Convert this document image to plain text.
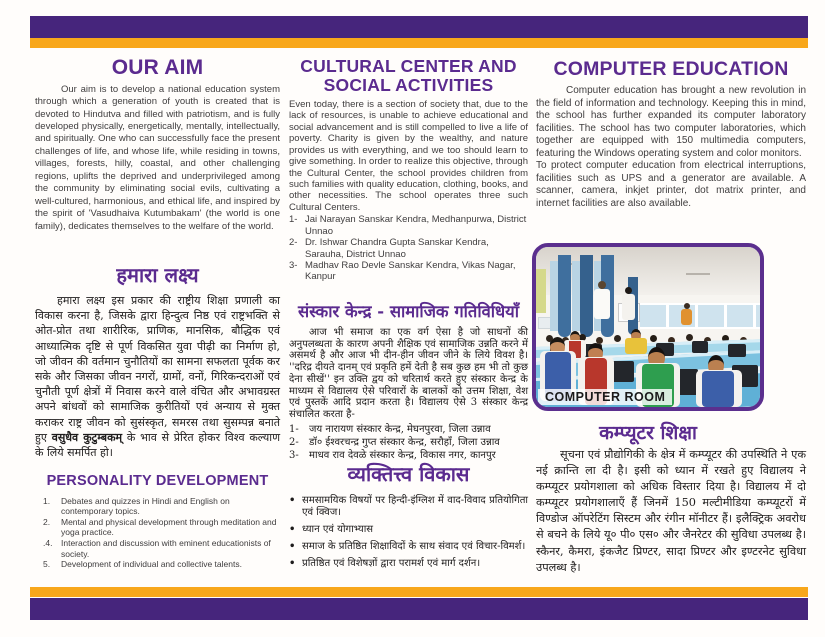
OUR AIM
Our aim is to develop a national education system through which a generation of youth is created that is devoted to Hindutva and filled with patriotism, and is fully developed physically, energetically, mentally, intellectually, and spiritually. One who can successfully face the present challenges of life, and whose life, while residing in towns, villages, forests, hilly, coastal, and other challenging regions, uplifts the deprived and underprivileged among the community by eliminating social evils, cultivating a well-cultured, harmonious, and ethical life, and inspired by the spirit of 'Vasudhaiva Kutumbakam' (the world is one family), dedicates themselves to the welfare of the world.
हमारा लक्ष्य
हमारा लक्ष्य इस प्रकार की राष्ट्रीय शिक्षा प्रणाली का विकास करना है, जिसके द्वारा हिन्दुत्व निष्ठ एवं राष्ट्रभक्ति से ओत-प्रोत तथा शारीरिक, प्राणिक, मानसिक, बौद्धिक एवं आध्यात्मिक दृष्टि से पूर्ण विकसित युवा पीढ़ी का निर्माण हो, जो जीवन की वर्तमान चुनौतियों का सामना सफलता पूर्वक कर सके और जिसका जीवन नगरों, ग्रामों, वनों, गिरिकन्दराओं एवं चुनौती पूर्ण क्षेत्रों में निवास करने वाले वंचित और अभावग्रस्त अपने बांधवों को सामाजिक कुरीतियों एवं अन्याय से मुक्त कराकर राष्ट्र जीवन को सुसंस्कृत, समरस तथा सुसम्पन्न बनाते हुए वसुधैव कुटुम्बकम् के भाव से प्रेरित होकर विश्व कल्याण के लिये समर्पित हो।
PERSONALITY DEVELOPMENT
1.	Debates and quizzes in Hindi and English on contemporary topics.
2.	Mental and physical development through meditation and yoga practice.
.4.	Interaction and discussion with eminent educationists of society.
5.	Development of individual and collective talents.
CULTURAL CENTER AND
SOCIAL ACTIVITIES
Even today, there is a section of society that, due to the lack of resources, is unable to achieve educational and social advancement and is still compelled to live a life of poverty. Charity is given by the wealthy, and nature provides us with everything, and we too should learn to give something. In order to realize this objective, through the Cultural Center, the school provides children from such families with quality education, clothing, books, and other necessities. The school operates three such Cultural Centers.
1- Jai Narayan Sanskar Kendra, Medhanpurwa, District Unnao
2- Dr. Ishwar Chandra Gupta Sanskar Kendra, Sarauha, District Unnao
3- Madhav Rao Devle Sanskar Kendra, Vikas Nagar, Kanpur
संस्कार केन्द्र - सामाजिक गतिविधियाँ
आज भी समाज का एक वर्ग ऐसा है जो साधनों की अनुपलब्धता के कारण अपनी शैक्षिक एवं सामाजिक उन्नति करने में असमर्थ है और आज भी दीन-हीन जीवन जीने के लिये विवश है। ''दरिद्र दीयते दानम् एवं प्रकृति हमें देती है सब कुछ हम भी तो कुछ देना सीखें'' इन उक्ति द्वय को चरितार्थ करते हुए संस्कार केन्द्र के माध्यम से विद्यालय ऐसे परिवारों के बालकों को उत्तम शिक्षा, वेश एवं पुस्तकें आदि प्रदान करता है। विद्यालय ऐसे 3 संस्कार केन्द्र संचालित करता है-
1-	जय नारायण संस्कार केन्द्र, मेघनपुरवा, जिला उन्नाव
2-	डॉ० ईश्वरचन्द्र गुप्त संस्कार केन्द्र, सरौहाँ, जिला उन्नाव
3-	माधव राव देवळे संस्कार केन्द्र, विकास नगर, कानपुर
व्यक्तित्त्व विकास
• समसामयिक विषयों पर हिन्दी-इंग्लिश में वाद-विवाद प्रतियोगिता एवं क्विज।
• ध्यान एवं योगाभ्यास
• समाज के प्रतिष्ठित शिक्षाविदों के साथ संवाद एवं विचार-विमर्श।
• प्रतिष्ठित एवं विशेषज्ञों द्वारा परामर्श एवं मार्ग दर्शन।
COMPUTER EDUCATION
Computer education has brought a new revolution in the field of information and technology. Keeping this in mind, the school has further expanded its computer laboratory facilities. The school has two computer laboratories, which together are equipped with 150 multimedia computers, featuring the Windows operating system and color monitors.
To protect computer education from electrical interruptions, facilities such as UPS and a generator are available. A scanner, camera, inkjet printer, dot matrix printer, and internet facilities are also available.
COMPUTER ROOM
कम्प्यूटर शिक्षा
सूचना एवं प्रौद्योगिकी के क्षेत्र में कम्प्यूटर की उपस्थिति ने एक नई क्रान्ति ला दी है। इसी को ध्यान में रखते हुए विद्यालय ने कम्प्यूटर प्रयोगशाला को अधिक विस्तार दिया है। विद्यालय में दो कम्प्यूटर प्रयोगशालाएँ हैं जिनमें 150 मल्टीमीडिया कम्प्यूटरों में विण्डोज ऑपरेटिंग सिस्टम और रंगीन मॉनीटर हैं। इलैक्ट्रिक अवरोध से बचने के लिये यू० पी० एस० और जैनरेटर की सुविधा उपलब्ध है। स्कैनर, कैमरा, इंकजैट प्रिण्टर, सादा प्रिण्टर और इण्टरनेट सुविधा उपलब्ध है।
